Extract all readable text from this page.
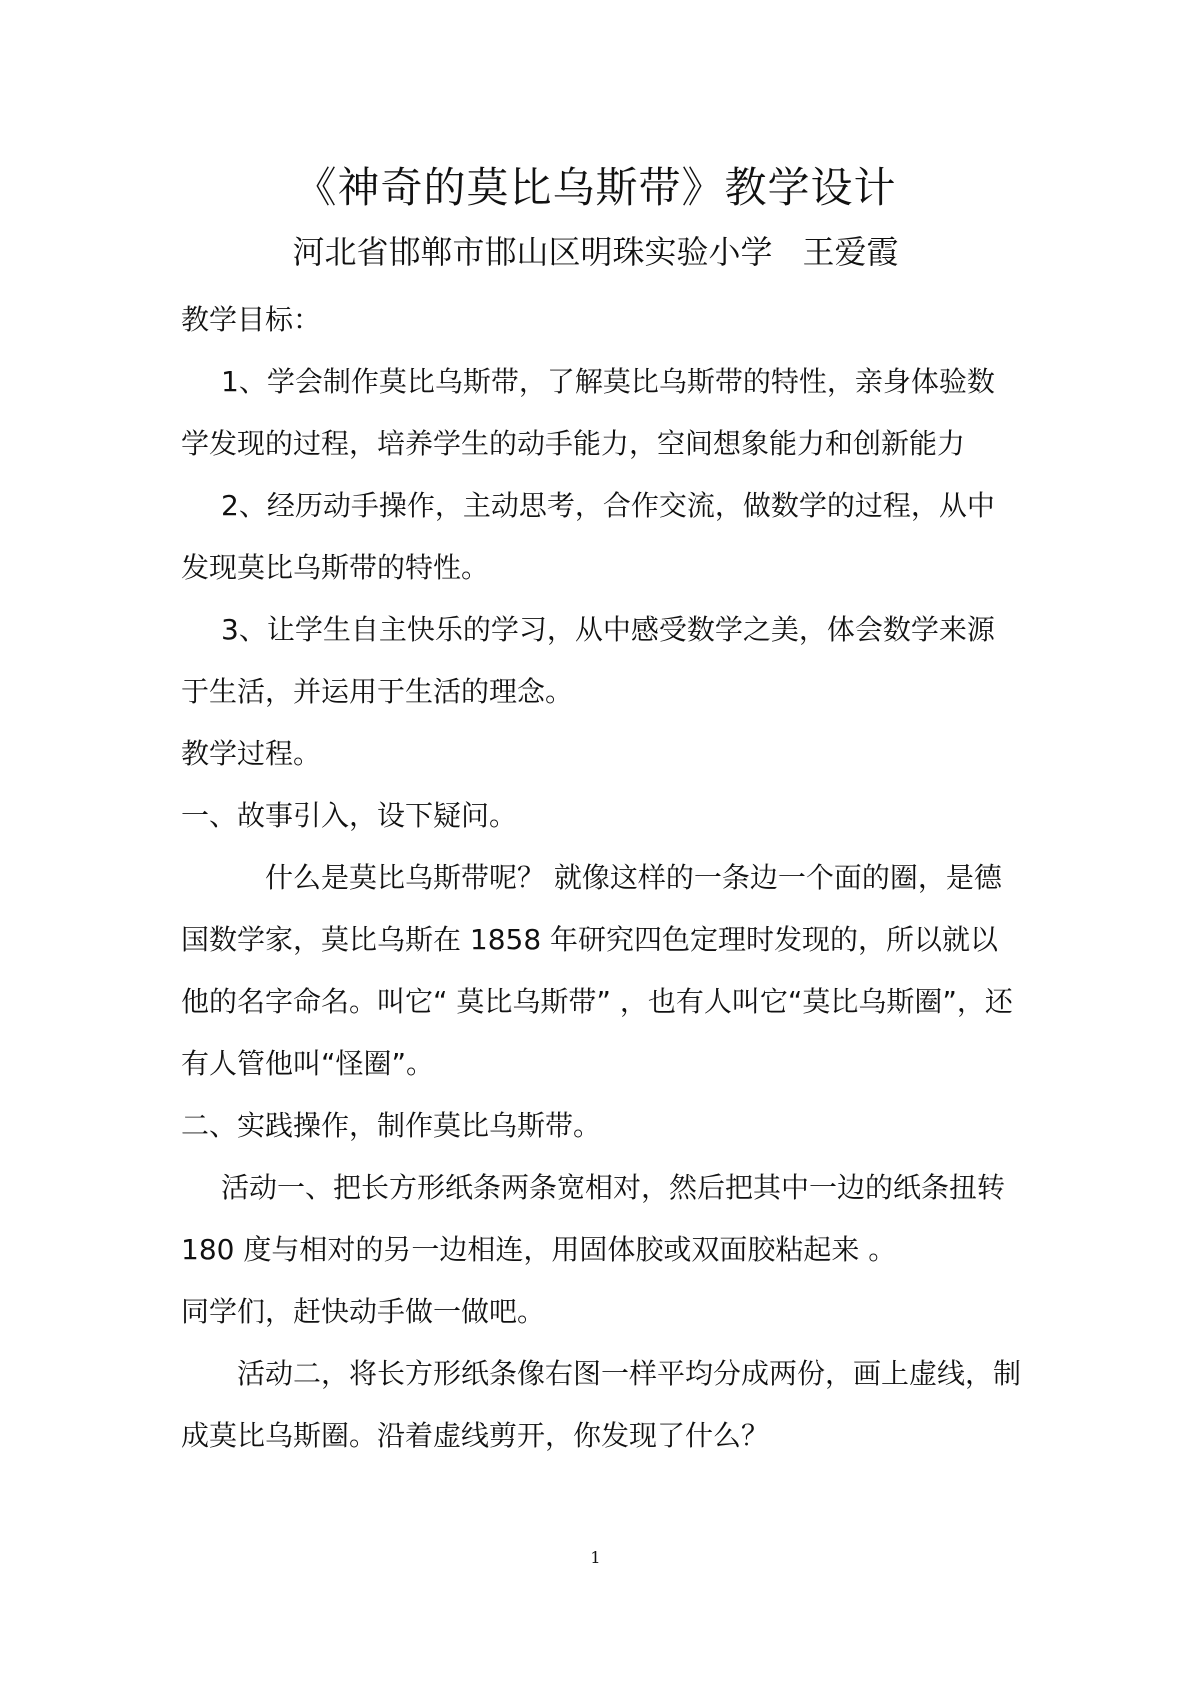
《神奇的莫比乌斯带》教学设计
河北省邯郸市邯山区明珠实验小学 王爱霞

教学目标：

1、学会制作莫比乌斯带，了解莫比乌斯带的特性，亲身体验数学发现的过程，培养学生的动手能力，空间想象能力和创新能力

2、经历动手操作，主动思考，合作交流，做数学的过程，从中发现莫比乌斯带的特性。

3、让学生自主快乐的学习，从中感受数学之美，体会数学来源于生活，并运用于生活的理念。

教学过程。

一、故事引入，设下疑问。

什么是莫比乌斯带呢？ 就像这样的一条边一个面的圈，是德国数学家，莫比乌斯在 1858 年研究四色定理时发现的，所以就以他的名字命名。叫它“ 莫比乌斯带” ，也有人叫它“莫比乌斯圈”，还有人管他叫“怪圈”。

二、实践操作，制作莫比乌斯带。

活动一、把长方形纸条两条宽相对，然后把其中一边的纸条扭转 180 度与相对的另一边相连，用固体胶或双面胶粘起来 。

同学们，赶快动手做一做吧。

活动二，将长方形纸条像右图一样平均分成两份，画上虚线，制成莫比乌斯圈。沿着虚线剪开，你发现了什么？

1
